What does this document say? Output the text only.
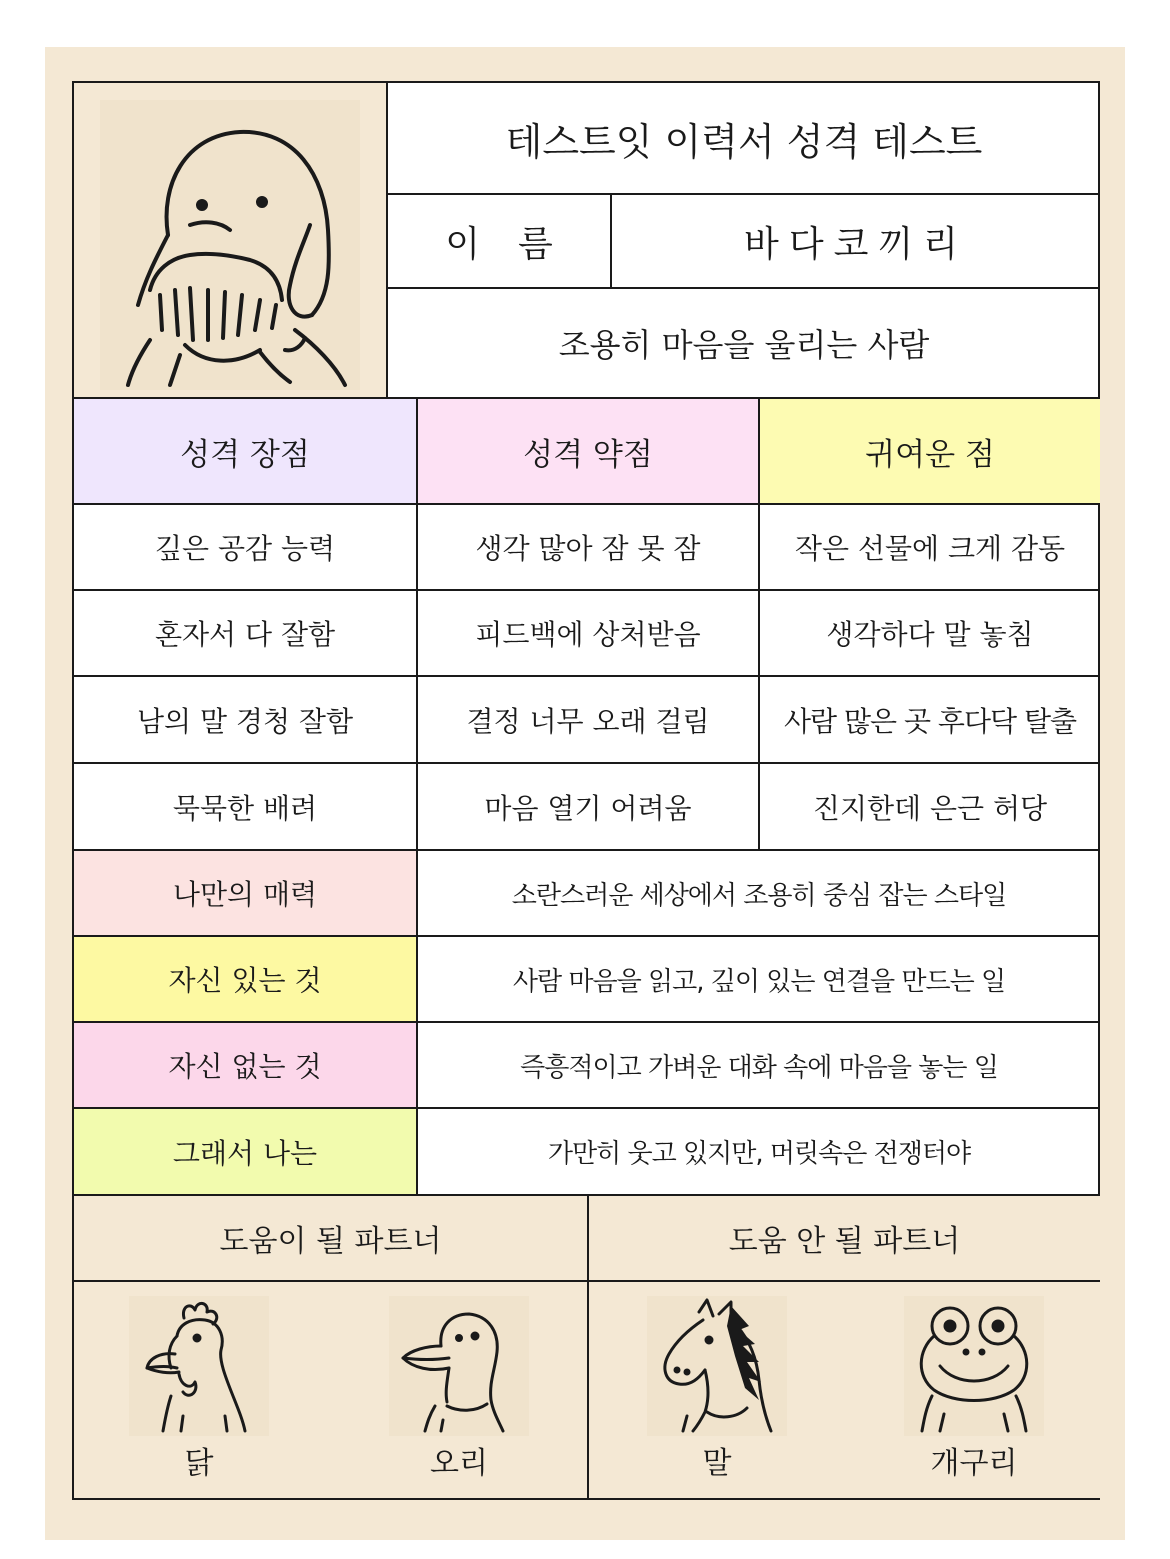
테스트잇 이력서 성격 테스트
이름	바다코끼리
조용히 마음을 울리는 사람
성격 장점	성격 약점	귀여운 점
깊은 공감 능력	생각 많아 잠 못 잠	작은 선물에 크게 감동
혼자서 다 잘함	피드백에 상처받음	생각하다 말 놓침
남의 말 경청 잘함	결정 너무 오래 걸림	사람 많은 곳 후다닥 탈출
묵묵한 배려	마음 열기 어려움	진지한데 은근 허당
나만의 매력	소란스러운 세상에서 조용히 중심 잡는 스타일
자신 있는 것	사람 마음을 읽고, 깊이 있는 연결을 만드는 일
자신 없는 것	즉흥적이고 가벼운 대화 속에 마음을 놓는 일
그래서 나는	가만히 웃고 있지만, 머릿속은 전쟁터야
도움이 될 파트너	도움 안 될 파트너
닭	오리	말	개구리
